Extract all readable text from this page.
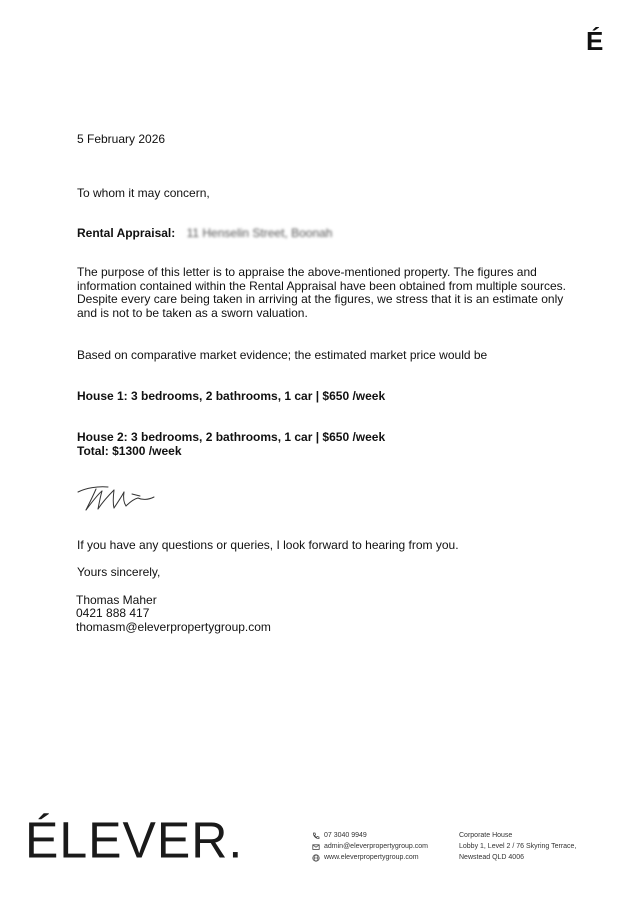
É
5 February 2026
To whom it may concern,
Rental Appraisal: 11 Henselin Street, Boonah

The purpose of this letter is to appraise the above-mentioned property. The figures and

information contained within the Rental Appraisal have been obtained from multiple sources.

Despite every care being taken in arriving at the figures, we stress that it is an estimate only

and is not to be taken as a sworn valuation.

Based on comparative market evidence; the estimated market price would be
House 1: 3 bedrooms, 2 bathrooms, 1 car | $650 /week
House 2: 3 bedrooms, 2 bathrooms, 1 car | $650 /week
Total: $1300 /week
If you have any questions or queries, I look forward to hearing from you.
Yours sincerely,
Thomas Maher
0421 888 417
thomasm@eleverpropertygroup.com
ÉLEVER.	07 3040 9949
admin@eleverpropertygroup.com
www.eleverpropertygroup.com
Corporate House
Lobby 1, Level 2 / 76 Skyring Terrace,
Newstead QLD 4006
